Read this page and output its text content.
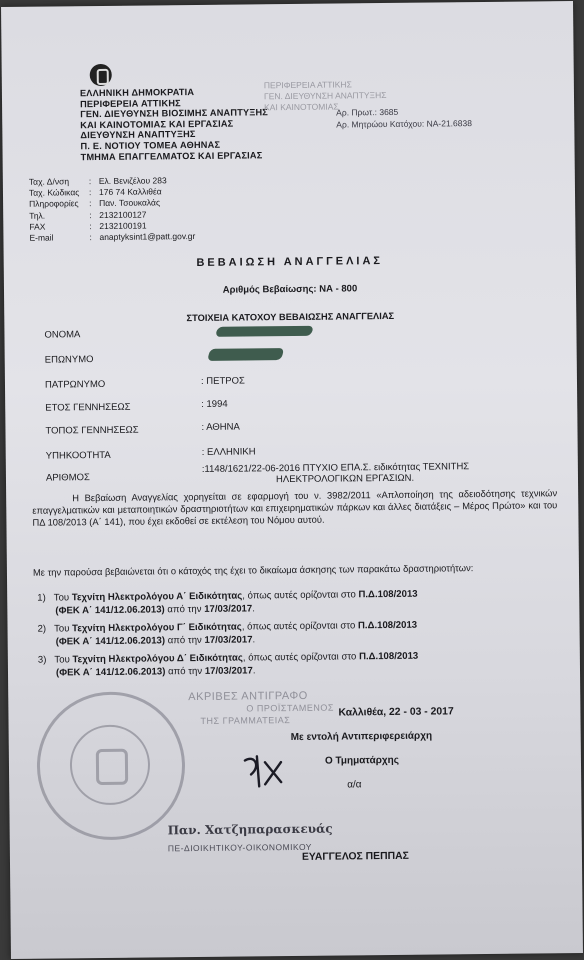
ΕΛΛΗΝΙΚΗ ΔΗΜΟΚΡΑΤΙΑ
ΠΕΡΙΦΕΡΕΙΑ ΑΤΤΙΚΗΣ
ΓΕΝ. ΔΙΕΥΘΥΝΣΗ ΒΙΟΣΙΜΗΣ ΑΝΑΠΤΥΞΗΣ
ΚΑΙ ΚΑΙΝΟΤΟΜΙΑΣ ΚΑΙ ΕΡΓΑΣΙΑΣ
ΔΙΕΥΘΥΝΣΗ ΑΝΑΠΤΥΞΗΣ
Π. Ε. ΝΟΤΙΟΥ ΤΟΜΕΑ ΑΘΗΝΑΣ
ΤΜΗΜΑ ΕΠΑΓΓΕΛΜΑΤΟΣ ΚΑΙ ΕΡΓΑΣΙΑΣ
ΠΕΡΙΦΕΡΕΙΑ ΑΤΤΙΚΗΣ
ΓΕΝ. ΔΙΕΥΘΥΝΣΗ ΑΝΑΠΤΥΞΗΣ
ΚΑΙ ΚΑΙΝΟΤΟΜΙΑΣ
Αρ. Πρωτ.: 3685
Αρ. Μητρώου Κατόχου: ΝΑ-21.6838
Ταχ. Δ/νση	: Ελ. Βενιζέλου 283
Ταχ. Κώδικας	: 176 74 Καλλιθέα
Πληροφορίες	: Παν. Τσουκαλάς
Τηλ.	: 2132100127
FAX	: 2132100191
E-mail	: anaptyksint1@patt.gov.gr
ΒΕΒΑΙΩΣΗ ΑΝΑΓΓΕΛΙΑΣ
Αριθμός Βεβαίωσης: ΝΑ - 800
ΣΤΟΙΧΕΙΑ ΚΑΤΟΧΟΥ ΒΕΒΑΙΩΣΗΣ ΑΝΑΓΓΕΛΙΑΣ
ΟΝΟΜΑ
ΕΠΩΝΥΜΟ
ΠΑΤΡΩΝΥΜΟ	: ΠΕΤΡΟΣ
ΕΤΟΣ ΓΕΝΝΗΣΕΩΣ	: 1994
ΤΟΠΟΣ ΓΕΝΝΗΣΕΩΣ	: ΑΘΗΝΑ
ΥΠΗΚΟΟΤΗΤΑ	: ΕΛΛΗΝΙΚΗ
ΑΡΙΘΜΟΣ
:1148/1621/22-06-2016 ΠΤΥΧΙΟ ΕΠΑ.Σ. ειδικότητας ΤΕΧΝΙΤΗΣ
ΗΛΕΚΤΡΟΛΟΓΙΚΩΝ ΕΡΓΑΣΙΩΝ.
Η Βεβαίωση Αναγγελίας χορηγείται σε εφαρμογή του ν. 3982/2011 «Απλοποίηση της αδειοδότησης τεχνικών επαγγελματικών και μεταποιητικών δραστηριοτήτων και επιχειρηματικών πάρκων και άλλες διατάξεις – Μέρος Πρώτο» και του ΠΔ 108/2013 (Α΄ 141), που έχει εκδοθεί σε εκτέλεση του Νόμου αυτού.
Με την παρούσα βεβαιώνεται ότι ο κάτοχός της έχει το δικαίωμα άσκησης των παρακάτω δραστηριοτήτων:
1) Του Τεχνίτη Ηλεκτρολόγου Α΄ Ειδικότητας, όπως αυτές ορίζονται στο Π.Δ.108/2013
(ΦΕΚ Α΄ 141/12.06.2013) από την 17/03/2017.
2) Του Τεχνίτη Ηλεκτρολόγου Γ΄ Ειδικότητας, όπως αυτές ορίζονται στο Π.Δ.108/2013
(ΦΕΚ Α΄ 141/12.06.2013) από την 17/03/2017.
3) Του Τεχνίτη Ηλεκτρολόγου Δ΄ Ειδικότητας, όπως αυτές ορίζονται στο Π.Δ.108/2013
(ΦΕΚ Α΄ 141/12.06.2013) από την 17/03/2017.
ΑΚΡΙΒΕΣ ΑΝΤΙΓΡΑΦΟ
Ο ΠΡΟΪΣΤΑΜΕΝΟΣ
ΤΗΣ ΓΡΑΜΜΑΤΕΙΑΣ
Καλλιθέα, 22 - 03 - 2017
Με εντολή Αντιπεριφερειάρχη
Ο Τμηματάρχης
α/α
Παν. Χατζηπαρασκευάς
ΠΕ-ΔΙΟΙΚΗΤΙΚΟΥ-ΟΙΚΟΝΟΜΙΚΟΥ
ΕΥΑΓΓΕΛΟΣ ΠΕΠΠΑΣ
